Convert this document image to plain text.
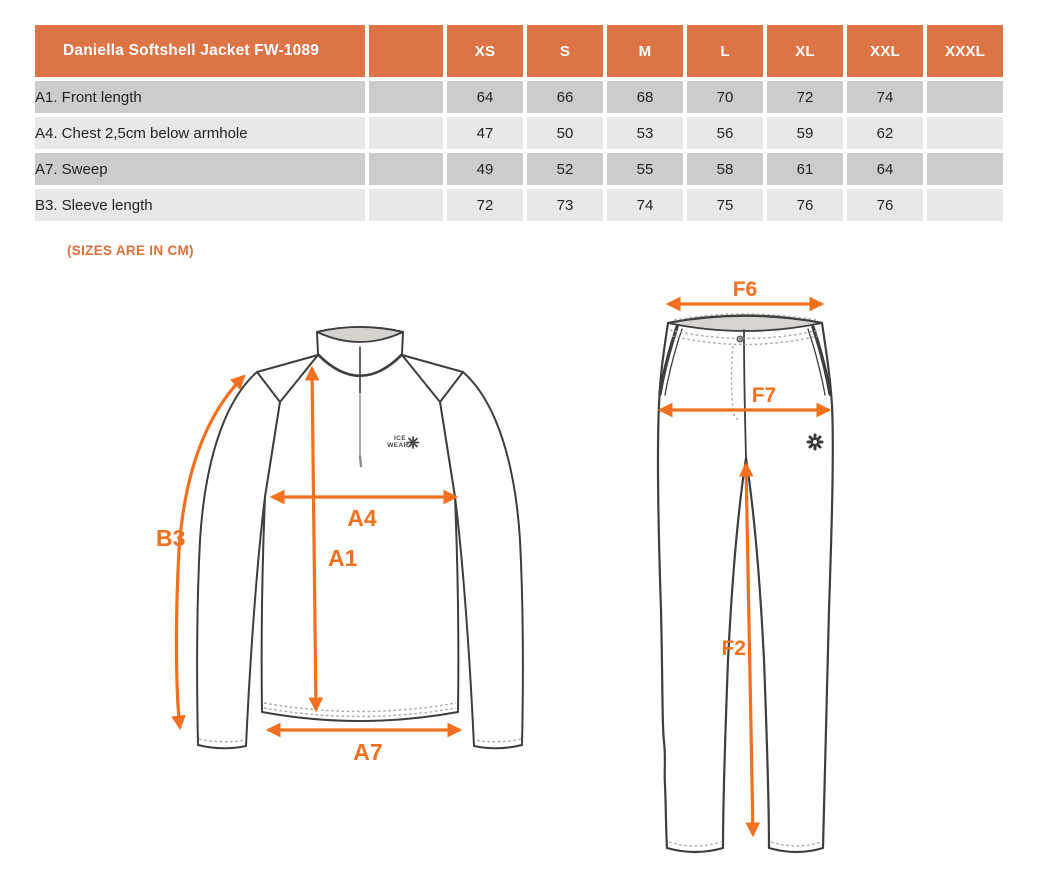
Daniella Softshell Jacket FW-1089		XS	S	M	L	XL	XXL	XXXL
A1. Front length		64	66	68	70	72	74	
A4. Chest 2,5cm below armhole		47	50	53	56	59	62	
A7. Sweep		49	52	55	58	61	64	
B3. Sleeve length		72	73	74	75	76	76	
(SIZES ARE IN CM)
ICE
WEAR
B3
A1
A4
A7
F6
F7
F2
